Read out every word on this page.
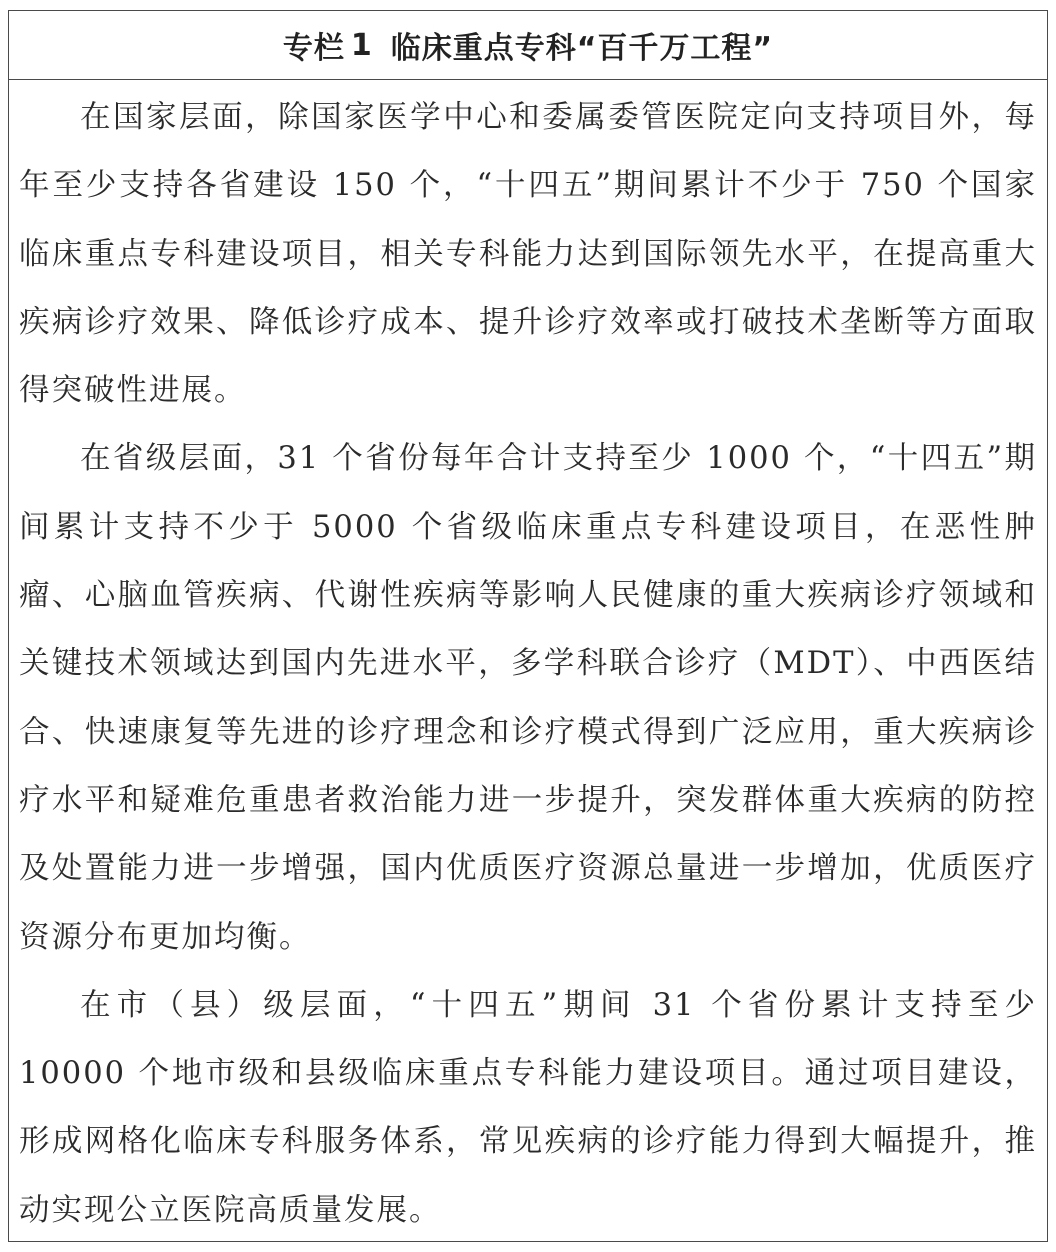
专栏 1 临床重点专科“百千万工程”

在国家层面，除国家医学中心和委属委管医院定向支持项目外，每年至少支持各省建设 150 个，“十四五”期间累计不少于 750 个国家临床重点专科建设项目，相关专科能力达到国际领先水平，在提高重大疾病诊疗效果、降低诊疗成本、提升诊疗效率或打破技术垄断等方面取得突破性进展。

在省级层面，31 个省份每年合计支持至少 1000 个，“十四五”期间累计支持不少于 5000 个省级临床重点专科建设项目，在恶性肿瘤、心脑血管疾病、代谢性疾病等影响人民健康的重大疾病诊疗领域和关键技术领域达到国内先进水平，多学科联合诊疗（MDT）、中西医结合、快速康复等先进的诊疗理念和诊疗模式得到广泛应用，重大疾病诊疗水平和疑难危重患者救治能力进一步提升，突发群体重大疾病的防控及处置能力进一步增强，国内优质医疗资源总量进一步增加，优质医疗资源分布更加均衡。

在市（县）级层面，“十四五”期间 31 个省份累计支持至少 10000 个地市级和县级临床重点专科能力建设项目。通过项目建设，形成网格化临床专科服务体系，常见疾病的诊疗能力得到大幅提升，推动实现公立医院高质量发展。
